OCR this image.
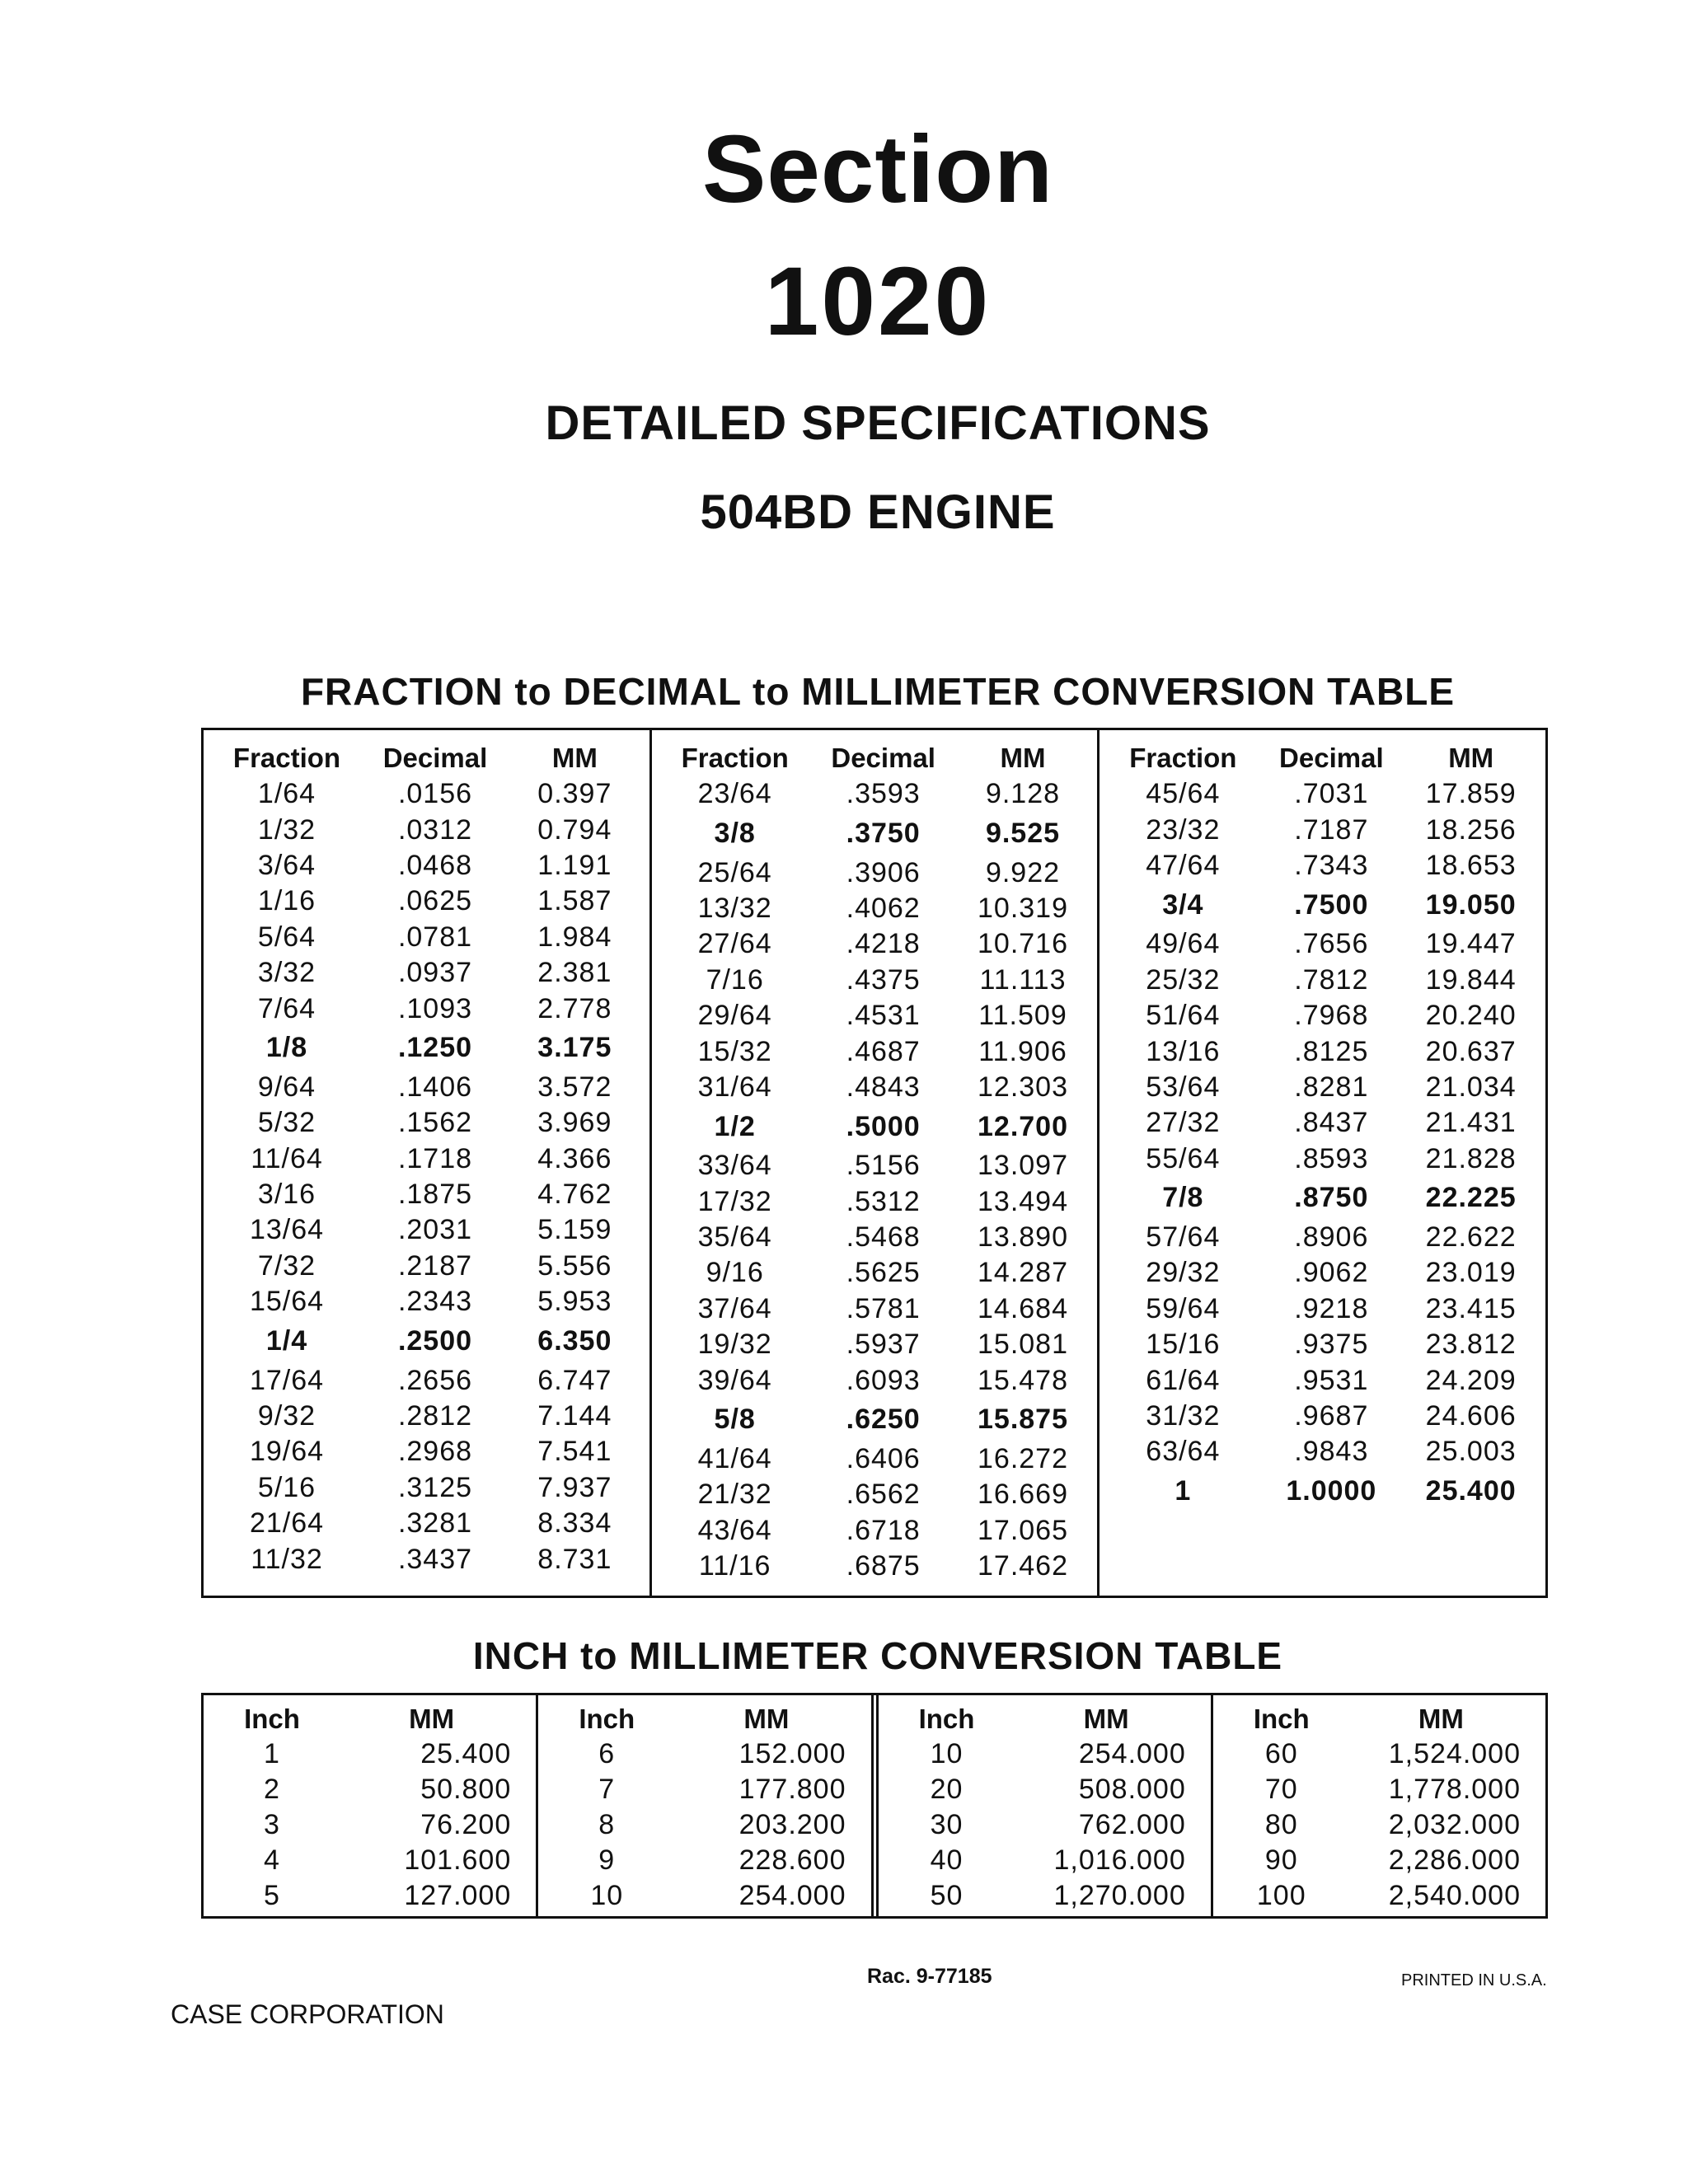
Section
1020
DETAILED SPECIFICATIONS
504BD ENGINE
FRACTION to DECIMAL to MILLIMETER CONVERSION TABLE
Fraction	Decimal	MM
1/64	.0156	0.397
1/32	.0312	0.794
3/64	.0468	1.191
1/16	.0625	1.587
5/64	.0781	1.984
3/32	.0937	2.381
7/64	.1093	2.778
1/8	.1250	3.175
9/64	.1406	3.572
5/32	.1562	3.969
11/64	.1718	4.366
3/16	.1875	4.762
13/64	.2031	5.159
7/32	.2187	5.556
15/64	.2343	5.953
1/4	.2500	6.350
17/64	.2656	6.747
9/32	.2812	7.144
19/64	.2968	7.541
5/16	.3125	7.937
21/64	.3281	8.334
11/32	.3437	8.731
Fraction	Decimal	MM
23/64	.3593	9.128
3/8	.3750	9.525
25/64	.3906	9.922
13/32	.4062	10.319
27/64	.4218	10.716
7/16	.4375	11.113
29/64	.4531	11.509
15/32	.4687	11.906
31/64	.4843	12.303
1/2	.5000	12.700
33/64	.5156	13.097
17/32	.5312	13.494
35/64	.5468	13.890
9/16	.5625	14.287
37/64	.5781	14.684
19/32	.5937	15.081
39/64	.6093	15.478
5/8	.6250	15.875
41/64	.6406	16.272
21/32	.6562	16.669
43/64	.6718	17.065
11/16	.6875	17.462
Fraction	Decimal	MM
45/64	.7031	17.859
23/32	.7187	18.256
47/64	.7343	18.653
3/4	.7500	19.050
49/64	.7656	19.447
25/32	.7812	19.844
51/64	.7968	20.240
13/16	.8125	20.637
53/64	.8281	21.034
27/32	.8437	21.431
55/64	.8593	21.828
7/8	.8750	22.225
57/64	.8906	22.622
29/32	.9062	23.019
59/64	.9218	23.415
15/16	.9375	23.812
61/64	.9531	24.209
31/32	.9687	24.606
63/64	.9843	25.003
1	1.0000	25.400
INCH to MILLIMETER CONVERSION TABLE
Inch	MM
1	25.400
2	50.800
3	76.200
4	101.600
5	127.000
Inch	MM
6	152.000
7	177.800
8	203.200
9	228.600
10	254.000
Inch	MM
10	254.000
20	508.000
30	762.000
40	1,016.000
50	1,270.000
Inch	MM
60	1,524.000
70	1,778.000
80	2,032.000
90	2,286.000
100	2,540.000
Rac. 9-77185	PRINTED IN U.S.A.
CASE CORPORATION
